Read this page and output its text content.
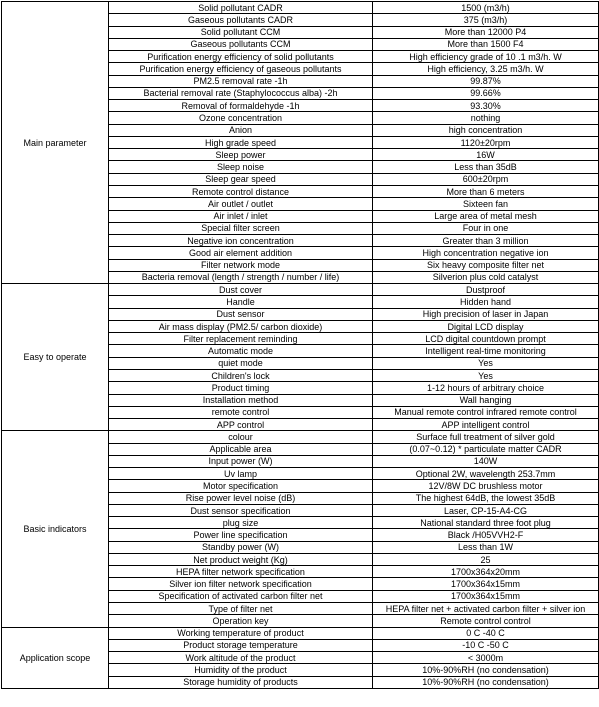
Main parameter	Solid pollutant CADR	1500 (m3/h)
	Gaseous pollutants CADR	375 (m3/h)
	Solid pollutant CCM	More than 12000 P4
	Gaseous pollutants CCM	More than 1500 F4
	Purification energy efficiency of solid pollutants	High efficiency grade of 10 .1 m3/h. W
	Purification energy efficiency of gaseous pollutants	High efficiency, 3.25 m3/h. W
	PM2.5 removal rate -1h	99.87%
	Bacterial removal rate (Staphylococcus alba) -2h	99.66%
	Removal of formaldehyde -1h	93.30%
	Ozone concentration	nothing
	Anion	high concentration
	High grade speed	1120±20rpm
	Sleep power	16W
	Sleep noise	Less than 35dB
	Sleep gear speed	600±20rpm
	Remote control distance	More than 6 meters
	Air outlet / outlet	Sixteen fan
	Air inlet / inlet	Large area of metal mesh
	Special filter screen	Four in one
	Negative ion concentration	Greater than 3 million
	Good air element addition	High concentration negative ion
	Filter network mode	Six heavy composite filter net
	Bacteria removal (length / strength / number / life)	Silverion plus cold catalyst
Easy to operate	Dust cover	Dustproof
	Handle	Hidden hand
	Dust sensor	High precision of laser in Japan
	Air mass display (PM2.5/ carbon dioxide)	Digital LCD display
	Filter replacement reminding	LCD digital countdown prompt
	Automatic mode	Intelligent real-time monitoring
	quiet mode	Yes
	Children's lock	Yes
	Product timing	1-12 hours of arbitrary choice
	Installation method	Wall hanging
	remote control	Manual remote control infrared remote control
	APP control	APP intelligent control
Basic indicators	colour	Surface full treatment of silver gold
	Applicable area	(0.07~0.12) * particulate matter CADR
	Input power (W)	140W
	Uv lamp	Optional 2W, wavelength 253.7mm
	Motor specification	12V/8W DC brushless motor
	Rise power level noise (dB)	The highest 64dB, the lowest 35dB
	Dust sensor specification	Laser, CP-15-A4-CG
	plug size	National standard three foot plug
	Power line specification	Black /H05VVH2-F
	Standby power (W)	Less than 1W
	Net product weight (Kg)	25
	HEPA filter network specification	1700x364x20mm
	Silver ion filter network specification	1700x364x15mm
	Specification of activated carbon filter net	1700x364x15mm
	Type of filter net	HEPA filter net + activated carbon filter + silver ion
	Operation key	Remote control control
Application scope	Working temperature of product	0 C -40 C
	Product storage temperature	-10 C -50 C
	Work altitude of the product	< 3000m
	Humidity of the product	10%-90%RH (no condensation)
	Storage humidity of products	10%-90%RH (no condensation)
